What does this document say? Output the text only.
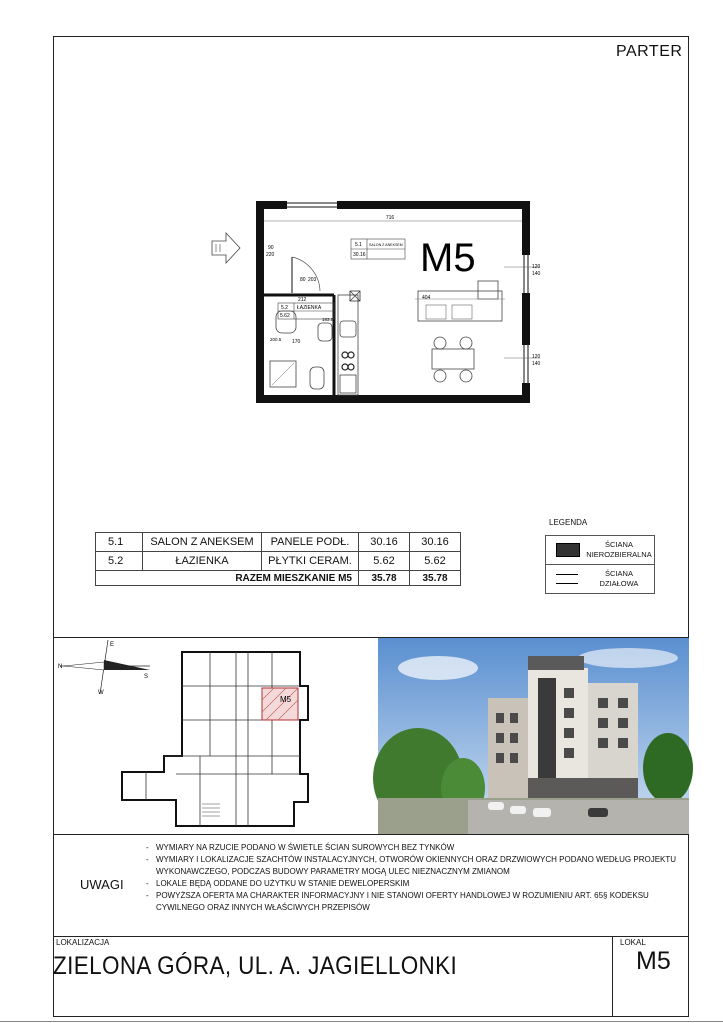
PARTER
716
M5
5.1 SALON Z ANEKSEM
30.16
5.2 ŁAZIENKA
5.62
90
220
80 203
212
170
183.5
200.5
404
120
140
120
140
5.1	SALON Z ANEKSEM	PANELE PODŁ.	30.16	30.16
5.2	ŁAZIENKA	PŁYTKI CERAM.	5.62	5.62
RAZEM MIESZKANIE M5			35.78	35.78
LEGENDA
ŚCIANA NIEROZBIERALNA
ŚCIANA DZIAŁOWA
N
E
S
W
M5
UWAGI
- WYMIARY NA RZUCIE PODANO W ŚWIETLE ŚCIAN SUROWYCH BEZ TYNKÓW
- WYMIARY I LOKALIZACJE SZACHTÓW INSTALACYJNYCH, OTWORÓW OKIENNYCH ORAZ DRZWIOWYCH PODANO WEDŁUG PROJEKTU WYKONAWCZEGO, PODCZAS BUDOWY PARAMETRY MOGĄ ULEC NIEZNACZNYM ZMIANOM
- LOKALE BĘDĄ ODDANE DO UŻYTKU W STANIE DEWELOPERSKIM
- POWYŻSZA OFERTA MA CHARAKTER INFORMACYJNY I NIE STANOWI OFERTY HANDLOWEJ W ROZUMIENIU ART. 65§ KODEKSU CYWILNEGO ORAZ INNYCH WŁAŚCIWYCH PRZEPISÓW
LOKALIZACJA
ZIELONA GÓRA, UL. A. JAGIELLONKI
LOKAL
M5
